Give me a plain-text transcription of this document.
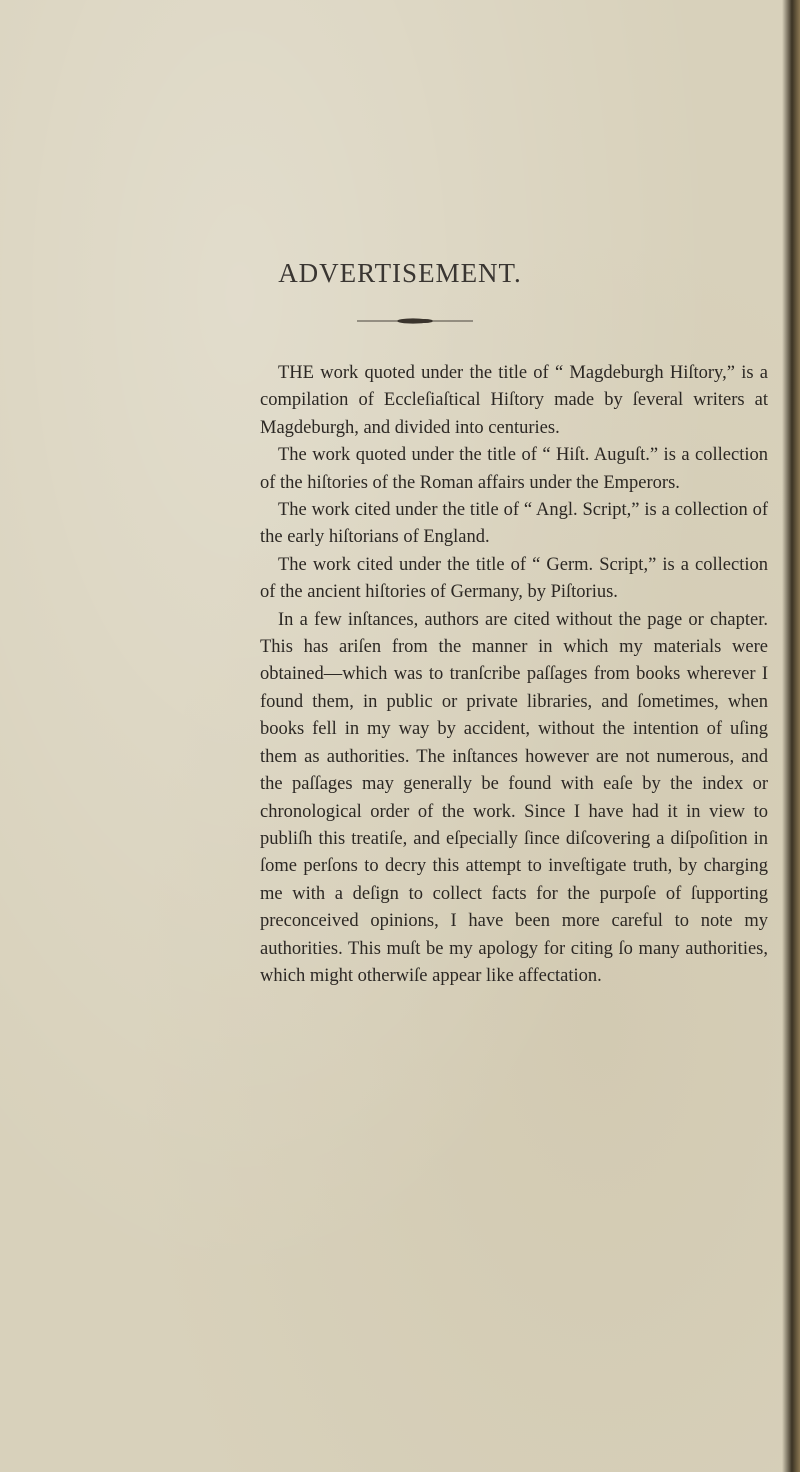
ADVERTISEMENT.

THE work quoted under the title of “ Magdeburgh Hiſtory,” is a compilation of Eccleſiaſtical Hiſtory made by ſeveral writers at Magdeburgh, and divided into centuries.

The work quoted under the title of “ Hiſt. Auguſt.” is a collection of the hiſtories of the Roman affairs under the Emperors.

The work cited under the title of “ Angl. Script,” is a collection of the early hiſtorians of England.

The work cited under the title of “ Germ. Script,” is a collection of the ancient hiſtories of Germany, by Piſtorius.

In a few inſtances, authors are cited without the page or chapter. This has ariſen from the manner in which my materials were obtained—which was to tranſcribe paſſages from books wherever I found them, in public or private libraries, and ſometimes, when books fell in my way by accident, without the intention of uſing them as authorities. The inſtances however are not numerous, and the paſſages may generally be found with eaſe by the index or chronological order of the work. Since I have had it in view to publiſh this treatiſe, and eſpecially ſince diſcovering a diſpoſition in ſome perſons to decry this attempt to inveſtigate truth, by charging me with a deſign to collect facts for the purpoſe of ſupporting preconceived opinions, I have been more careful to note my authorities. This muſt be my apology for citing ſo many authorities, which might otherwiſe appear like affectation.
